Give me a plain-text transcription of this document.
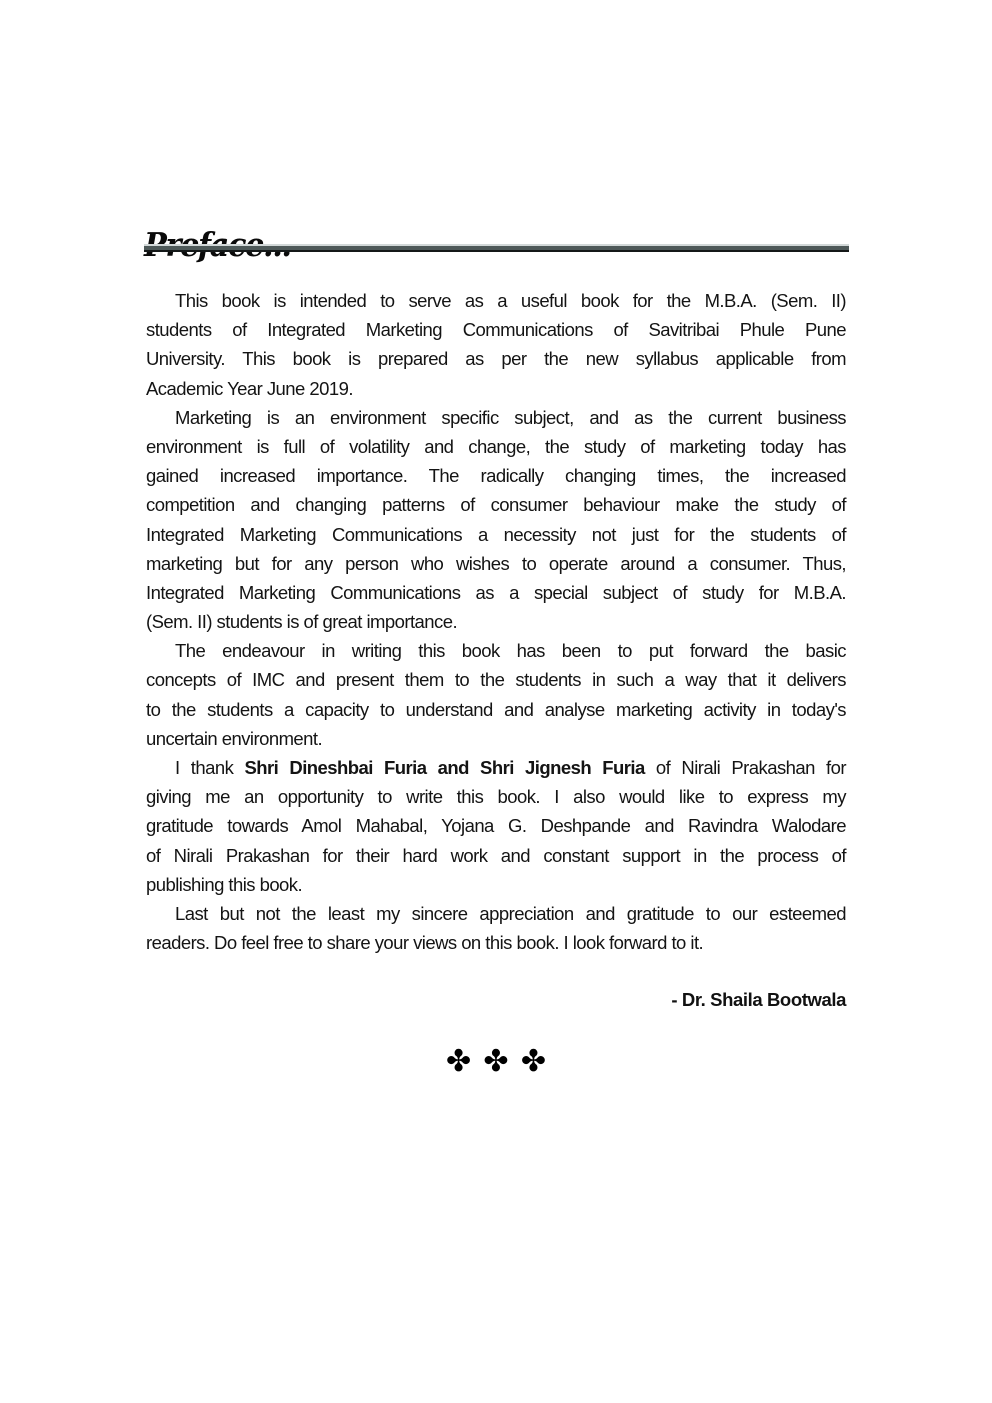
This book is intended to serve as a useful book for the M.B.A. (Sem. II)
students of Integrated Marketing Communications of Savitribai Phule Pune
University. This book is prepared as per the new syllabus applicable from
Academic Year June 2019.
Marketing is an environment specific subject, and as the current business
environment is full of volatility and change, the study of marketing today has
gained increased importance. The radically changing times, the increased
competition and changing patterns of consumer behaviour make the study of
Integrated Marketing Communications a necessity not just for the students of
marketing but for any person who wishes to operate around a consumer. Thus,
Integrated Marketing Communications as a special subject of study for M.B.A.
(Sem. II) students is of great importance.
The endeavour in writing this book has been to put forward the basic
concepts of IMC and present them to the students in such a way that it delivers
to the students a capacity to understand and analyse marketing activity in today's
uncertain environment.
I thank Shri Dineshbai Furia and Shri Jignesh Furia of Nirali Prakashan for
giving me an opportunity to write this book. I also would like to express my
gratitude towards Amol Mahabal, Yojana G. Deshpande and Ravindra Walodare
of Nirali Prakashan for their hard work and constant support in the process of
publishing this book.
Last but not the least my sincere appreciation and gratitude to our esteemed
readers. Do feel free to share your views on this book. I look forward to it.
- Dr. Shaila Bootwala
✤ ✤ ✤
